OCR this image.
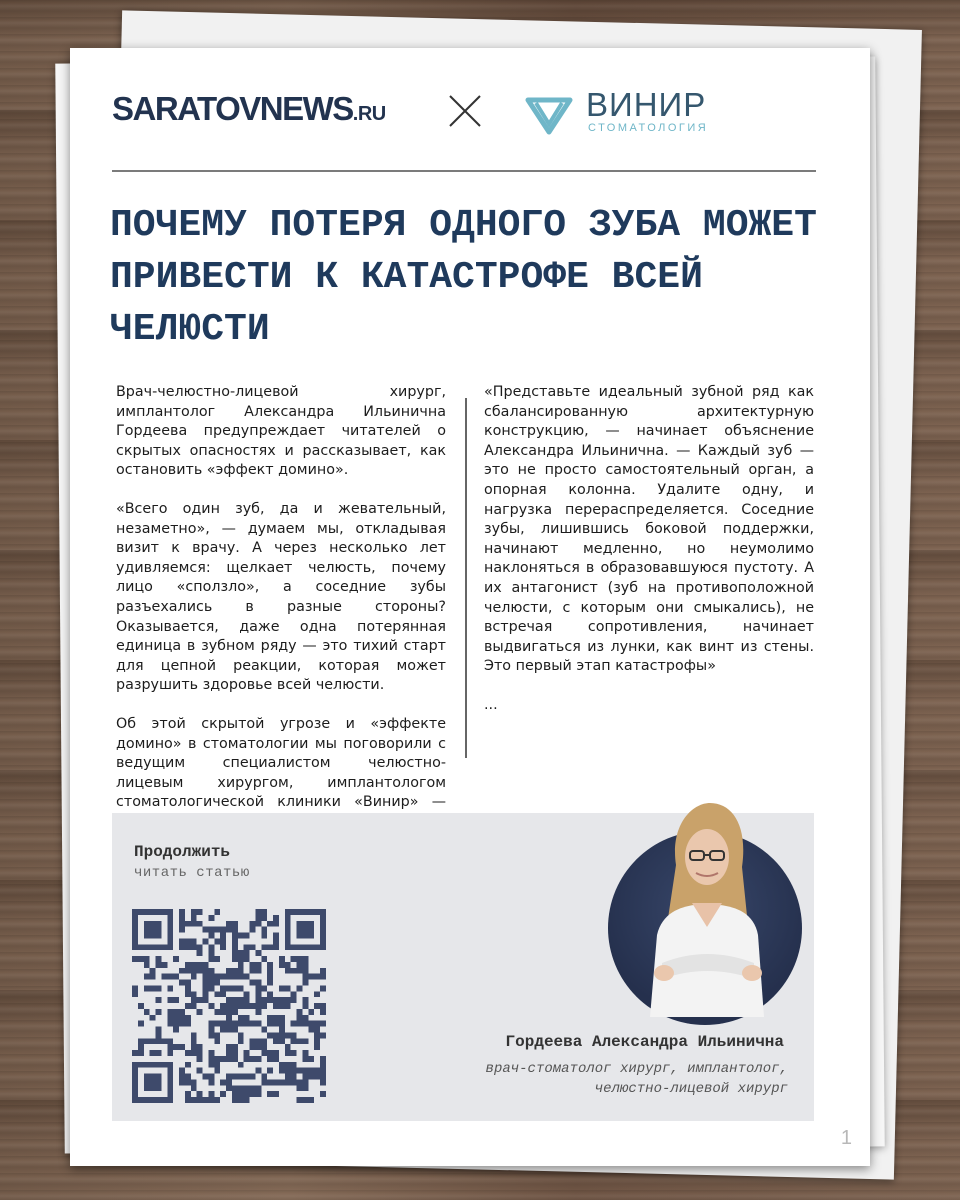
SARATOVNEWS.RU	ВИНИР
СТОМАТОЛОГИЯ
ПОЧЕМУ ПОТЕРЯ ОДНОГО ЗУБА МОЖЕТ ПРИВЕСТИ К КАТАСТРОФЕ ВСЕЙ ЧЕЛЮСТИ

Врач-челюстно-лицевой хирург, имплантолог Александра Ильинична Гордеева предупреждает читателей о скрытых опасностях и рассказывает, как остановить «эффект домино».

«Всего один зуб, да и жевательный, незаметно», — думаем мы, откладывая визит к врачу. А через несколько лет удивляемся: щелкает челюсть, почему лицо «сползло», а соседние зубы разъехались в разные стороны? Оказывается, даже одна потерянная единица в зубном ряду — это тихий старт для цепной реакции, которая может разрушить здоровье всей челюсти.

Об этой скрытой угрозе и «эффекте домино» в стоматологии мы поговорили с ведущим специалистом челюстно-лицевым хирургом, имплантологом стоматологической клиники «Винир» —

«Представьте идеальный зубной ряд как сбалансированную архитектурную конструкцию, — начинает объяснение Александра Ильинична. — Каждый зуб — это не просто самостоятельный орган, а опорная колонна. Удалите одну, и нагрузка перераспределяется. Соседние зубы, лишившись боковой поддержки, начинают медленно, но неумолимо наклоняться в образовавшуюся пустоту. А их антагонист (зуб на противоположной челюсти, с которым они смыкались), не встречая сопротивления, начинает выдвигаться из лунки, как винт из стены. Это первый этап катастрофы»

...

Продолжить
читать статью
Гордеева Александра Ильинична
врач-стоматолог хирург, имплантолог,
челюстно-лицевой хирург
1
